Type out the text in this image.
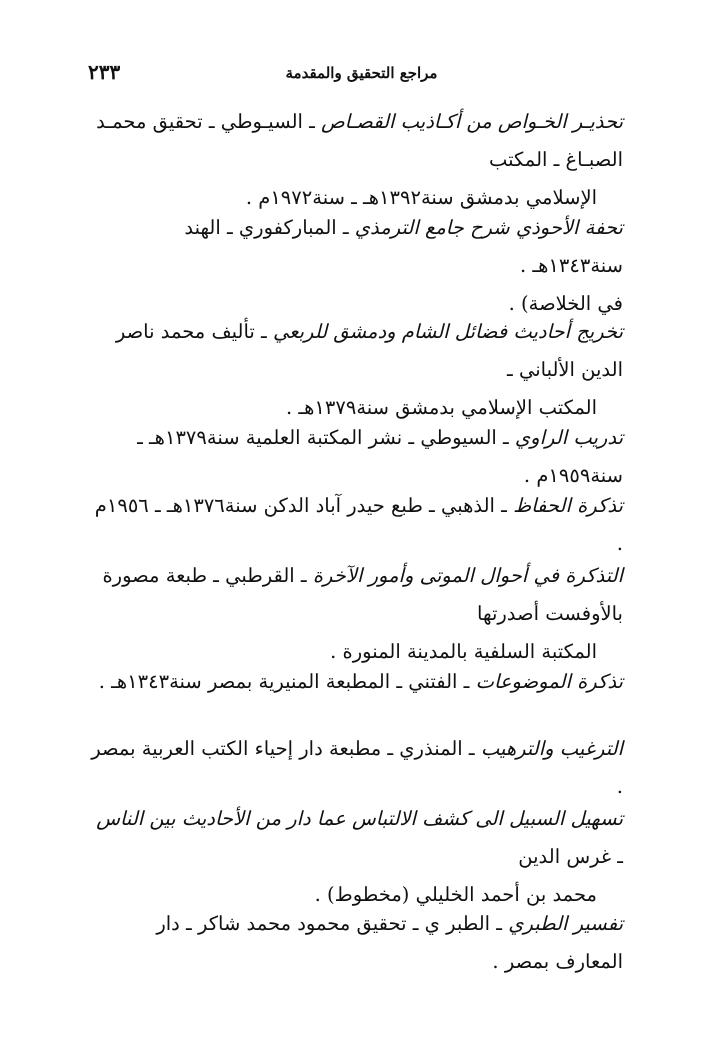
٢٣٣	مراجع التحقيق والمقدمة
تحذيـر الخـواص من أكـاذيب القصـاص ـ السيـوطي ـ تحقيق محمـد الصبـاغ ـ المكتب
الإسلامي بدمشق سنة١٣٩٢هـ ـ سنة١٩٧٢م .
تحفة الأحوذي شرح جامع الترمذي ـ المباركفوري ـ الهند سنة١٣٤٣هـ .
في الخلاصة) .
تخريج أحاديث فضائل الشام ودمشق للربعي ـ تأليف محمد ناصر الدين الألباني ـ
المكتب الإسلامي بدمشق سنة١٣٧٩هـ .
تدريب الراوي ـ السيوطي ـ نشر المكتبة العلمية سنة١٣٧٩هـ ـ سنة١٩٥٩م .
تذكرة الحفاظ ـ الذهبي ـ طبع حيدر آباد الدكن سنة١٣٧٦هـ ـ ١٩٥٦م .
التذكرة في أحوال الموتى وأمور الآخرة ـ القرطبي ـ طبعة مصورة بالأوفست أصدرتها
المكتبة السلفية بالمدينة المنورة .
تذكرة الموضوعات ـ الفتني ـ المطبعة المنيرية بمصر سنة١٣٤٣هـ .
الترغيب والترهيب ـ المنذري ـ مطبعة دار إحياء الكتب العربية بمصر .
تسهيل السبيل الى كشف الالتباس عما دار من الأحاديث بين الناس ـ غرس الدين
محمد بن أحمد الخليلي (مخطوط) .
تفسير الطبري ـ الطبر ي ـ تحقيق محمود محمد شاكر ـ دار المعارف بمصر .
